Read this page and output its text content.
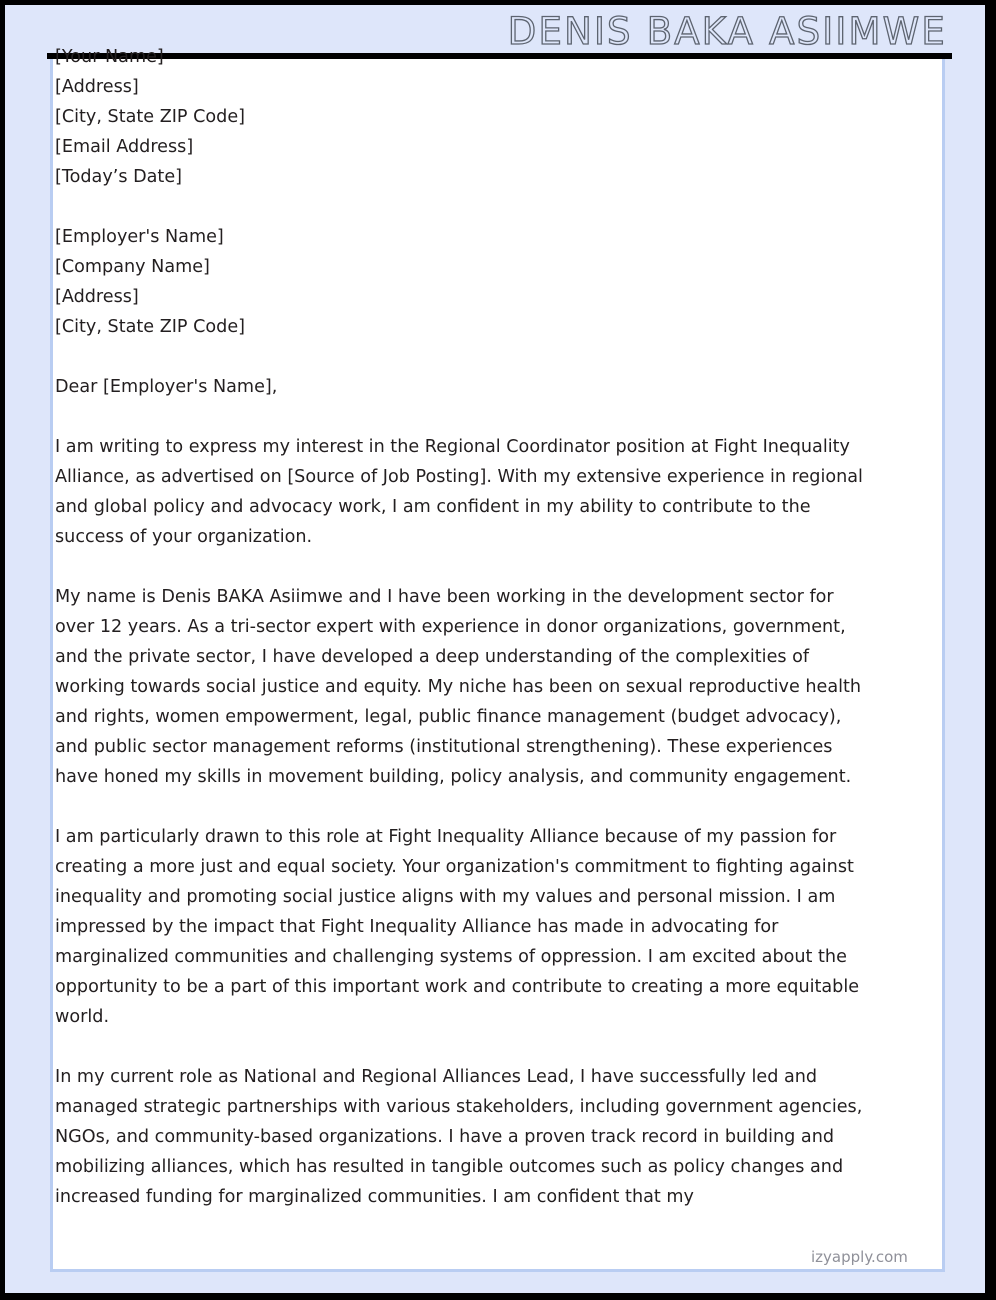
DENIS BAKA ASIIMWE
[Your Name]
[Address]
[City, State ZIP Code]
[Email Address]
[Today’s Date]
[Employer's Name]
[Company Name]
[Address]
[City, State ZIP Code]
Dear [Employer's Name],

I am writing to express my interest in the Regional Coordinator position at Fight Inequality Alliance, as advertised on [Source of Job Posting]. With my extensive experience in regional and global policy and advocacy work, I am confident in my ability to contribute to the success of your organization.

My name is Denis BAKA Asiimwe and I have been working in the development sector for over 12 years. As a tri-sector expert with experience in donor organizations, government, and the private sector, I have developed a deep understanding of the complexities of working towards social justice and equity. My niche has been on sexual reproductive health and rights, women empowerment, legal, public finance management (budget advocacy), and public sector management reforms (institutional strengthening). These experiences have honed my skills in movement building, policy analysis, and community engagement.

I am particularly drawn to this role at Fight Inequality Alliance because of my passion for creating a more just and equal society. Your organization's commitment to fighting against inequality and promoting social justice aligns with my values and personal mission. I am impressed by the impact that Fight Inequality Alliance has made in advocating for marginalized communities and challenging systems of oppression. I am excited about the opportunity to be a part of this important work and contribute to creating a more equitable world.

In my current role as National and Regional Alliances Lead, I have successfully led and managed strategic partnerships with various stakeholders, including government agencies, NGOs, and community-based organizations. I have a proven track record in building and mobilizing alliances, which has resulted in tangible outcomes such as policy changes and increased funding for marginalized communities. I am confident that my

izyapply.com
